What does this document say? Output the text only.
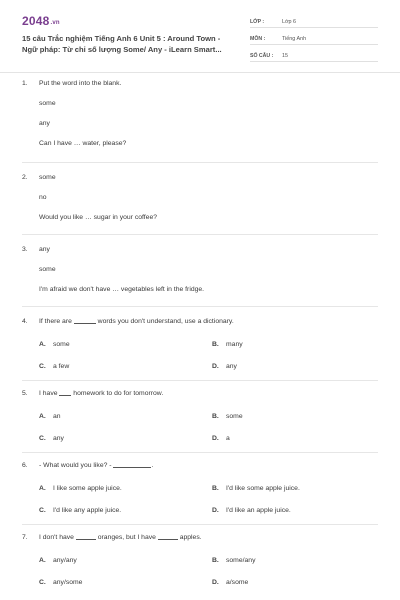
2048.vn
15 câu Trắc nghiệm Tiếng Anh 6 Unit 5 : Around Town -
Ngữ pháp: Từ chỉ số lượng Some/ Any - iLearn Smart...
LỚP :	Lớp 6
MÔN :	Tiếng Anh
SỐ CÂU :	15
1. Put the word into the blank.
some
any
Can I have … water, please?
2. some
no
Would you like … sugar in your coffee?
3. any
some
I'm afraid we don't have … vegetables left in the fridge.
4. If there are	words you don't understand, use a dictionary.
A. some	B. many
C. a few	D. any
5. I have homework to do for tomorrow.
A. an	B. some
C. any	D. a
6. - What would you like? -	.
A. I like some apple juice.	B. I'd like some apple juice.
C. I'd like any apple juice.	D. I'd like an apple juice.
7. I don't have	oranges, but I have	apples.
A. any/any	B. some/any
C. any/some	D. a/some
